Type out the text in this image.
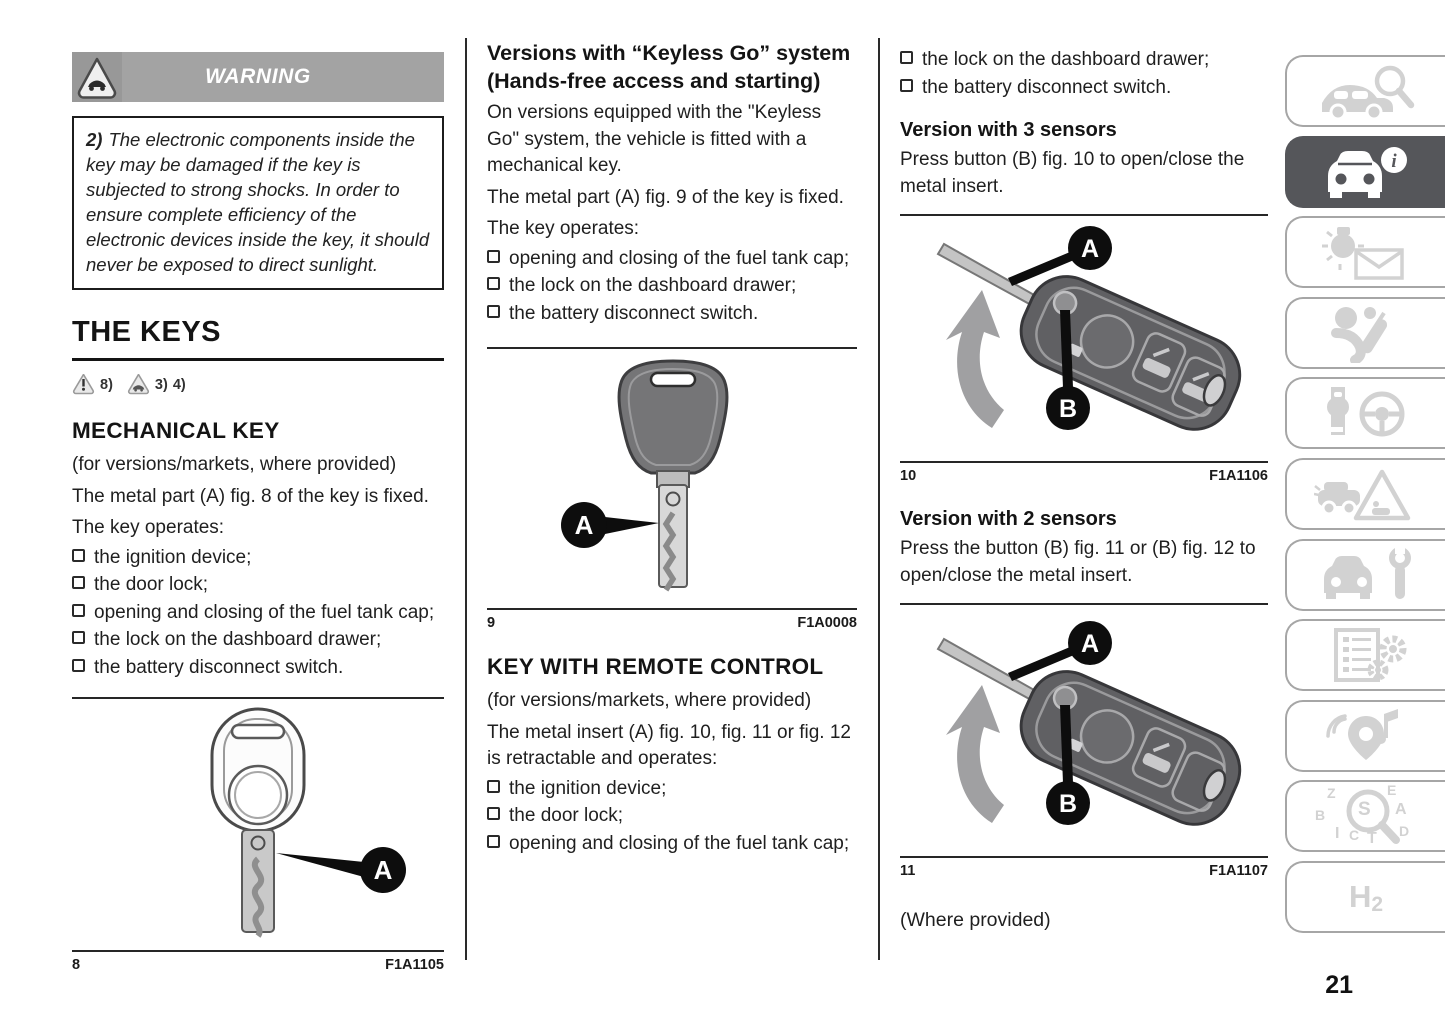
WARNING
2) The electronic components inside the key may be damaged if the key is subjected to strong shocks. In order to ensure complete efficiency of the electronic devices inside the key, it should never be exposed to direct sunlight.
THE KEYS
8)	3) 4)
MECHANICAL KEY

(for versions/markets, where provided)

The metal part (A) fig. 8 of the key is fixed.

The key operates:

the ignition device;
the door lock;
opening and closing of the fuel tank cap;
the lock on the dashboard drawer;
the battery disconnect switch.
A
8	F1A1105
Versions with “Keyless Go” system (Hands-free access and starting)

On versions equipped with the "Keyless Go" system, the vehicle is fitted with a mechanical key.

The metal part (A) fig. 9 of the key is fixed.

The key operates:

opening and closing of the fuel tank cap;
the lock on the dashboard drawer;
the battery disconnect switch.
A
9	F1A0008
KEY WITH REMOTE CONTROL

(for versions/markets, where provided)

The metal insert (A) fig. 10, fig. 11 or fig. 12 is retractable and operates:

the ignition device;
the door lock;
opening and closing of the fuel tank cap;
the lock on the dashboard drawer;
the battery disconnect switch.
Version with 3 sensors

Press button (B) fig. 10 to open/close the metal insert.

A
B
10	F1A1106
Version with 2 sensors

Press the button (B) fig. 11 or (B) fig. 12 to open/close the metal insert.

A
B
11	F1A1107

(Where provided)

i
Z	E
B	A
S
I C T D
H 2
21
